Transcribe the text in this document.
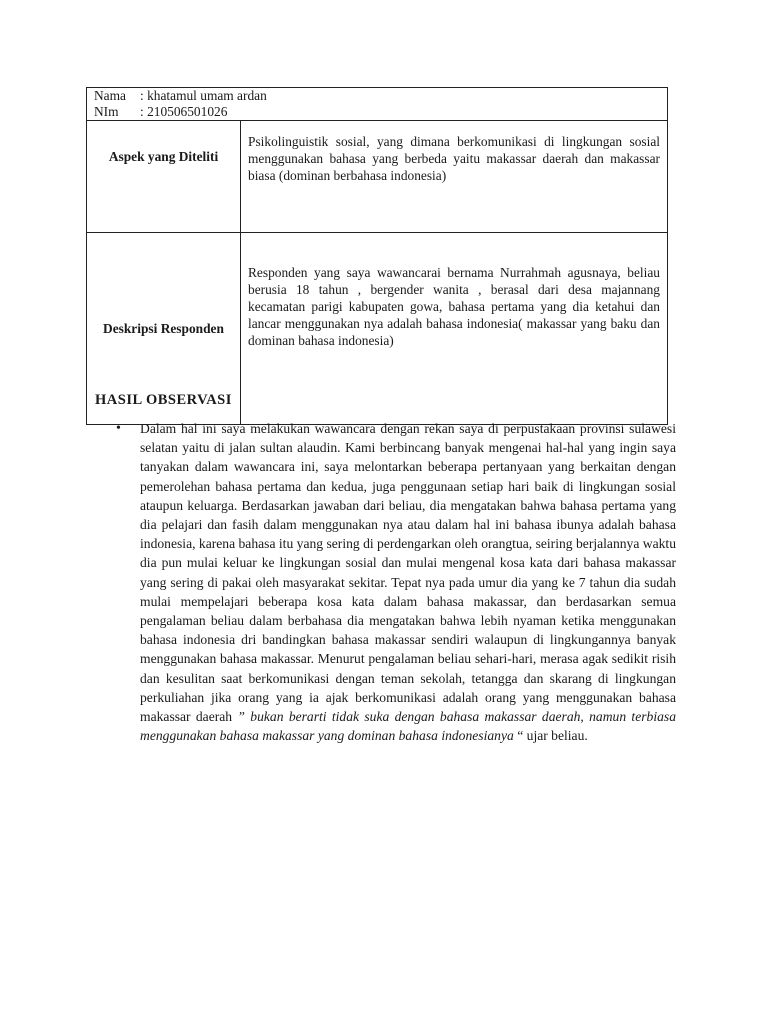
Nama : khatamul umam ardan
NIm : 210506501026	

Aspek yang Diteliti	Psikolinguistik sosial, yang dimana berkomunikasi di lingkungan sosial menggunakan bahasa yang berbeda yaitu makassar daerah dan makassar biasa (dominan berbahasa indonesia)
Deskripsi Responden	Responden yang saya wawancarai bernama Nurrahmah agusnaya, beliau berusia 18 tahun , bergender wanita , berasal dari desa majannang kecamatan parigi kabupaten gowa, bahasa pertama yang dia ketahui dan lancar menggunakan nya adalah bahasa indonesia( makassar yang baku dan dominan bahasa indonesia)
HASIL OBSERVASI
• Dalam hal ini saya melakukan wawancara dengan rekan saya di perpustakaan provinsi sulawesi selatan yaitu di jalan sultan alaudin. Kami berbincang banyak mengenai hal-hal yang ingin saya tanyakan dalam wawancara ini, saya melontarkan beberapa pertanyaan yang berkaitan dengan pemerolehan bahasa pertama dan kedua, juga penggunaan setiap hari baik di lingkungan sosial ataupun keluarga. Berdasarkan jawaban dari beliau, dia mengatakan bahwa bahasa pertama yang dia pelajari dan fasih dalam menggunakan nya atau dalam hal ini bahasa ibunya adalah bahasa indonesia, karena bahasa itu yang sering di perdengarkan oleh orangtua, seiring berjalannya waktu dia pun mulai keluar ke lingkungan sosial dan mulai mengenal kosa kata dari bahasa makassar yang sering di pakai oleh masyarakat sekitar. Tepat nya pada umur dia yang ke 7 tahun dia sudah mulai mempelajari beberapa kosa kata dalam bahasa makassar, dan berdasarkan semua pengalaman beliau dalam berbahasa dia mengatakan bahwa lebih nyaman ketika menggunakan bahasa indonesia dri bandingkan bahasa makassar sendiri walaupun di lingkungannya banyak menggunakan bahasa makassar. Menurut pengalaman beliau sehari-hari, merasa agak sedikit risih dan kesulitan saat berkomunikasi dengan teman sekolah, tetangga dan skarang di lingkungan perkuliahan jika orang yang ia ajak berkomunikasi adalah orang yang menggunakan bahasa makassar daerah ” bukan berarti tidak suka dengan bahasa makassar daerah, namun terbiasa menggunakan bahasa makassar yang dominan bahasa indonesianya “ ujar beliau.
